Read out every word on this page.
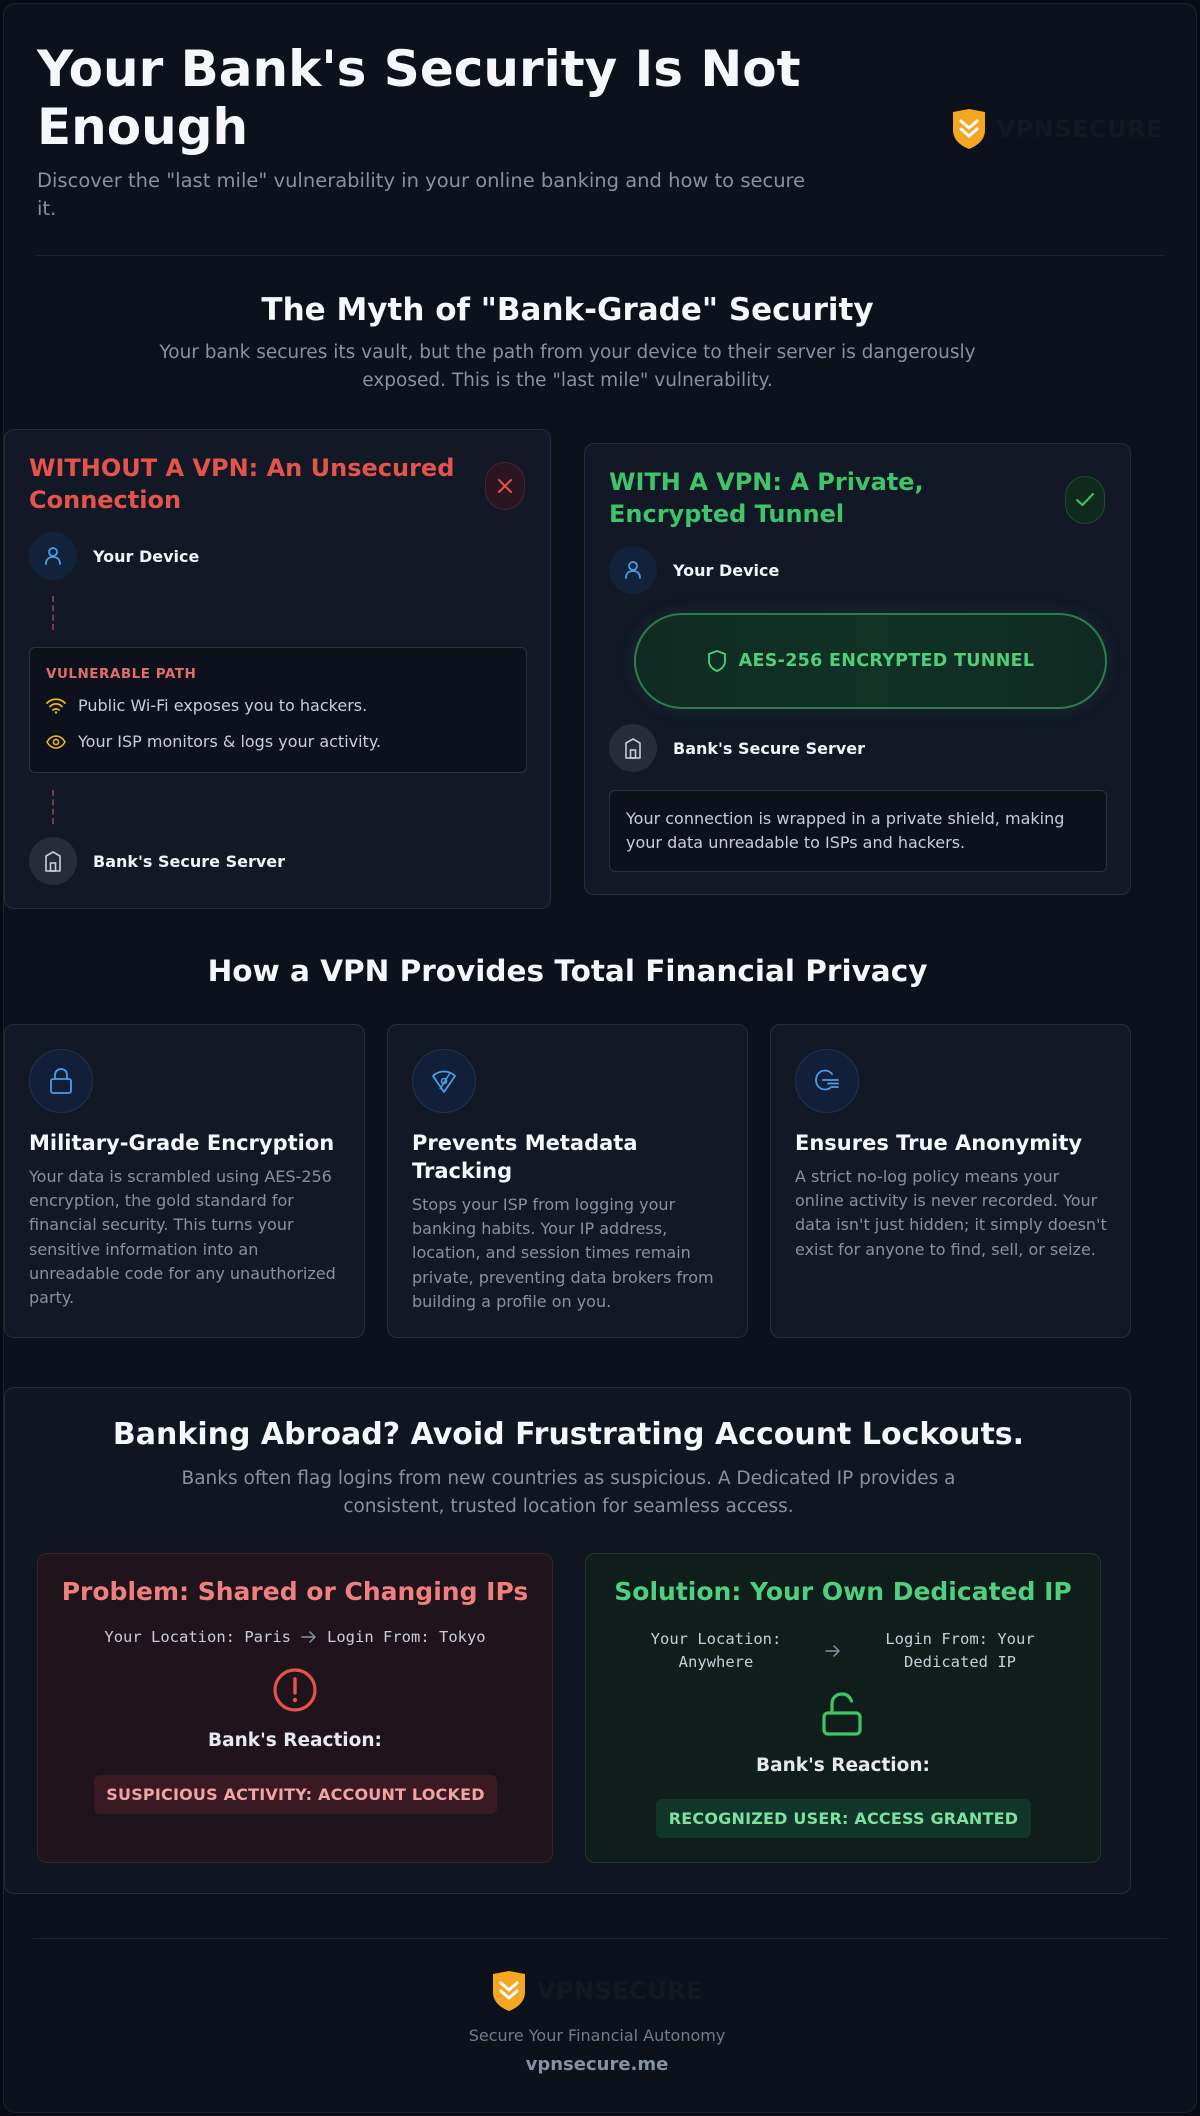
Your Bank's Security Is Not Enough

Discover the "last mile" vulnerability in your online banking and how to secure it.

VPNSECURE
The Myth of "Bank-Grade" Security

Your bank secures its vault, but the path from your device to their server is dangerously exposed. This is the "last mile" vulnerability.

WITHOUT A VPN: An Unsecured Connection
Your Device
VULNERABLE PATH
Public Wi-Fi exposes you to hackers.
Your ISP monitors & logs your activity.
Bank's Secure Server
WITH A VPN: A Private, Encrypted Tunnel
Your Device
AES-256 ENCRYPTED TUNNEL
Bank's Secure Server
Your connection is wrapped in a private shield, making your data unreadable to ISPs and hackers.
How a VPN Provides Total Financial Privacy
Military-Grade Encryption
Your data is scrambled using AES-256 encryption, the gold standard for financial security. This turns your sensitive information into an unreadable code for any unauthorized party.
Prevents Metadata Tracking
Stops your ISP from logging your banking habits. Your IP address, location, and session times remain private, preventing data brokers from building a profile on you.
Ensures True Anonymity
A strict no-log policy means your online activity is never recorded. Your data isn't just hidden; it simply doesn't exist for anyone to find, sell, or seize.
Banking Abroad? Avoid Frustrating Account Lockouts.

Banks often flag logins from new countries as suspicious. A Dedicated IP provides a consistent, trusted location for seamless access.

Problem: Shared or Changing IPs
Your Location: Paris Login From: Tokyo
Bank's Reaction:
SUSPICIOUS ACTIVITY: ACCOUNT LOCKED
Solution: Your Own Dedicated IP
Your Location: Anywhere
Login From: Your Dedicated IP
Bank's Reaction:
RECOGNIZED USER: ACCESS GRANTED
VPNSECURE
Secure Your Financial Autonomy
vpnsecure.me
